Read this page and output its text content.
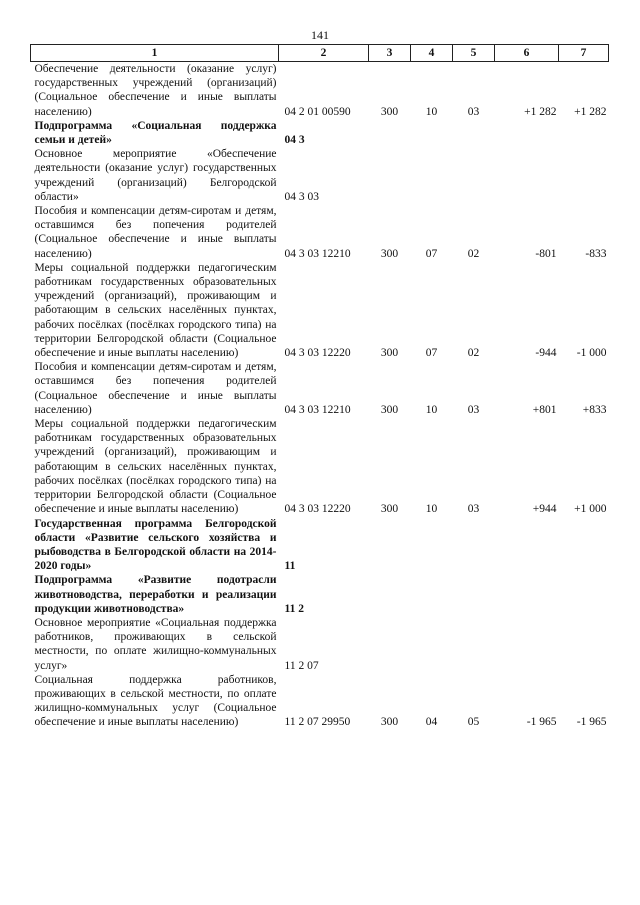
141
1	2	3	4	5	6	7
Обеспечение деятельности (оказание услуг) государственных учреждений (организаций) (Социальное обеспечение и иные выплаты населению)	04 2 01 00590	300	10	03	+1 282	+1 282
Подпрограмма «Социальная поддержка семьи и детей»	04 3					
Основное мероприятие «Обеспечение деятельности (оказание услуг) государственных учреждений (организаций) Белгородской области»	04 3 03					
Пособия и компенсации детям-сиротам и детям, оставшимся без попечения родителей (Социальное обеспечение и иные выплаты населению)	04 3 03 12210	300	07	02	-801	-833
Меры социальной поддержки педагогическим работникам государственных образовательных учреждений (организаций), проживающим и работающим в сельских населённых пунктах, рабочих посёлках (посёлках городского типа) на территории Белгородской области (Социальное обеспечение и иные выплаты населению)	04 3 03 12220	300	07	02	-944	-1 000
Пособия и компенсации детям-сиротам и детям, оставшимся без попечения родителей (Социальное обеспечение и иные выплаты населению)	04 3 03 12210	300	10	03	+801	+833
Меры социальной поддержки педагогическим работникам государственных образовательных учреждений (организаций), проживающим и работающим в сельских населённых пунктах, рабочих посёлках (посёлках городского типа) на территории Белгородской области (Социальное обеспечение и иные выплаты населению)	04 3 03 12220	300	10	03	+944	+1 000
Государственная программа Белгородской области «Развитие сельского хозяйства и рыбоводства в Белгородской области на 2014-2020 годы»	11					
Подпрограмма «Развитие подотрасли животноводства, переработки и реализации продукции животноводства»	11 2					
Основное мероприятие «Социальная поддержка работников, проживающих в сельской местности, по оплате жилищно-коммунальных услуг»	11 2 07					
Социальная поддержка работников, проживающих в сельской местности, по оплате жилищно-коммунальных услуг (Социальное обеспечение и иные выплаты населению)	11 2 07 29950	300	04	05	-1 965	-1 965
